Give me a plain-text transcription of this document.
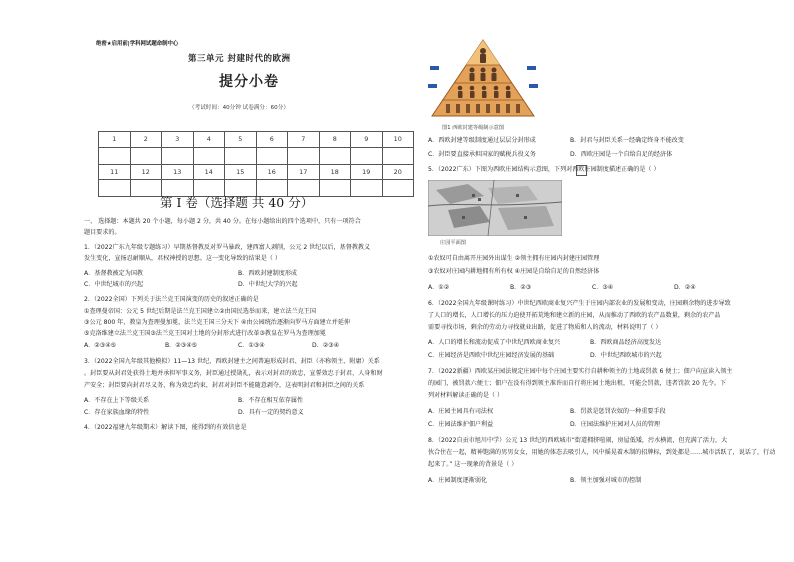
绝密★启用前|学科网试题命制中心
第三单元 封建时代的欧洲
提分小卷
（考试时间：40分钟 试卷满分：60分）
1	2	3	4	5	6	7	8	9	10

11	12	13	14	15	16	17	18	19	20

第 I 卷（选择题 共 40 分）
一、 选择题：本题共 20 个小题，每小题 2 分，共 40 分。在每小题给出的四个选项中，只有一项符合
题目要求的。
1．（2022广东九年级专题练习）早期基督教反对罗马暴政，建西富人剥削，公元 2 世纪以后，基督教教义
发生变化，宣扬忍耐顺从，君权神授的思想。这一变化导致的结果是（ ）
A．基督教被定为国教	B．西欧封建制度形成
C．中世纪城市的兴起	D．中世纪大学的兴起
2．（2022全国）下列关于法兰克王国演变的历史的叙述正确的是
①查理曼帝国：公元 5 世纪后期是法兰克王国建立②由国民选举而来，建立法兰克王国
③公元 800 年，教皇为查理曼加冕，法兰克王国三分天下 ④由公园统治逐渐向罗马方面建立并延伸
⑤克洛维建立法兰克王国③法兰克王国对土地的分封形式进行改革③教皇在罗马为查理加冕
A．②③④⑤	B．②③④⑤	C．①③④	D．②③④
3．（2022全国九年级其他模拟）11—13 世纪，西欧封建主之间普遍形成封君、封臣（亦称领主、附庸）关系
。封臣要从封君处获得土地并承担军事义务，封臣通过授勋礼，表示对封君的效忠，宣誓效忠于封君，人身和财
产安全；封臣要向封君尽义务，称为效忠约束，封君对封臣不能随意剥夺，这表明封君和封臣之间的关系
A．不存在上下等级关系	B．不存在相互依存属性
C．存在家族血缘的特性	D．具有一定的契约意义
4．（2022福建九年级期末）解读下图，能得到的有效信息是
图1 西欧封建等级制示意图
A．西欧封建等级制度通过层层分封形成	B．封君与封臣关系一经确定终身不能改变
C．封臣要直接承担国家的赋税兵役义务	D．西欧庄园是一个自给自足的经济体
5．（2022广东）下图为西欧庄园结构示意图，下列对西欧庄园制度描述正确的是（ ）
庄园平面图
①农奴可自由离开庄园外出谋生 ②领主拥有庄园内封建庄园管理
③农奴对庄园内耕地拥有所有权 ④庄园是自给自足的自然经济体
A．①②	B．②③	C．③④	D．②④
6．（2022全国九年级课时练习）中世纪西欧商业复兴产生于庄园内部农业的发展和变动，庄园剩余物的进步导致
了人口的增长，人口增长的压力迫使开拓荒地和建立新的庄园，从而推动了西欧的农产品数量，剩余的农产品
需要寻找市场，剩余的劳动力寻找就业出路，促进了物质和人的流动，材料说明了（ ）
A．人口的增长和流动促成了中世纪西欧商业复兴	B．西欧商品经济高度发达
C．庄园经济是西欧中世纪庄园经济发展的基础	D．中世纪西欧城市的兴起
7．（2022新疆）西欧某庄园法规定庄园中每个庄园主要实行自耕种领主的土地或罚款 6 便士；佃户向宣读入领主
的园门，被罚款六便士；佃户在没有得到领主准许而自行将庄园土地出租，可能会罚款，违者罚款 20 先令。下
列对材料解读正确的是（ ）
A．庄园主园具有司法权	B．罚款是惩罚农奴的一种重要手段
C．庄园法维护佃户利益	D．庄园法维护庄园对人员的管理
8．（2022自贡市旭川中学）公元 13 世纪的西欧城市“街道拥挤喧闹，房屋低矮，污水横流，但充满了活力，大
伙合住在一起，精神饱满的男男女女，用她的体态去吸引人，风中摇晃着木制的招牌标，到处都是……城市活跃了，说话了，行动
起来了。” 这一现象的背景是（ ）
A．庄园制度逐渐弱化	B．领主加强对城市的控制
